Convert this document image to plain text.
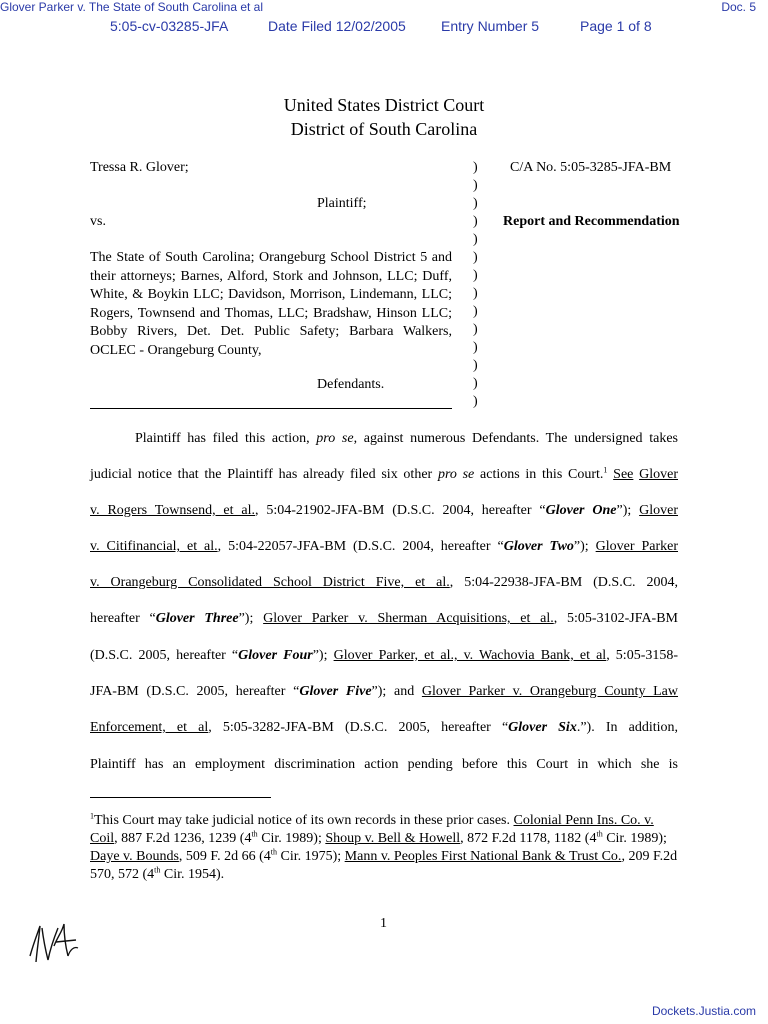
Glover Parker v. The State of South Carolina et al	Doc. 5
5:05-cv-03285-JFA	Date Filed 12/02/2005	Entry Number 5	Page 1 of 8
United States District Court
District of South Carolina
Tressa R. Glover;
Plaintiff;
vs.
The State of South Carolina; Orangeburg School District 5 and their attorneys; Barnes, Alford, Stork and Johnson, LLC; Duff, White, & Boykin LLC; Davidson, Morrison, Lindemann, LLC; Rogers, Townsend and Thomas, LLC; Bradshaw, Hinson LLC; Bobby Rivers, Det. Det. Public Safety; Barbara Walkers, OCLEC - Orangeburg County,
Defendants.
)
)
)
)
)
)
)
)
)
)
)
)
)
)
C/A No. 5:05-3285-JFA-BM
Report and Recommendation
Plaintiff has filed this action, pro se, against numerous Defendants. The undersigned takes
judicial notice that the Plaintiff has already filed six other pro se actions in this Court.$^1$ See Glover
v. Rogers Townsend, et al., 5:04-21902-JFA-BM (D.S.C. 2004, hereafter “Glover One”); Glover
v. Citifinancial, et al., 5:04-22057-JFA-BM (D.S.C. 2004, hereafter “Glover Two”); Glover Parker
v. Orangeburg Consolidated School District Five, et al., 5:04-22938-JFA-BM (D.S.C. 2004,
hereafter “Glover Three”); Glover Parker v. Sherman Acquisitions, et al., 5:05-3102-JFA-BM
(D.S.C. 2005, hereafter “Glover Four”); Glover Parker, et al., v. Wachovia Bank, et al, 5:05-3158-
JFA-BM (D.S.C. 2005, hereafter “Glover Five”); and Glover Parker v. Orangeburg County Law
Enforcement, et al, 5:05-3282-JFA-BM (D.S.C. 2005, hereafter “Glover Six.”). In addition,
Plaintiff has an employment discrimination action pending before this Court in which she is
$^1$This Court may take judicial notice of its own records in these prior cases. Colonial Penn Ins. Co. v. Coil, 887 F.2d 1236, 1239 (4th Cir. 1989); Shoup v. Bell & Howell, 872 F.2d 1178, 1182 (4th Cir. 1989); Daye v. Bounds, 509 F. 2d 66 (4th Cir. 1975); Mann v. Peoples First National Bank & Trust Co., 209 F.2d 570, 572 (4th Cir. 1954).
1
Dockets.Justia.com
